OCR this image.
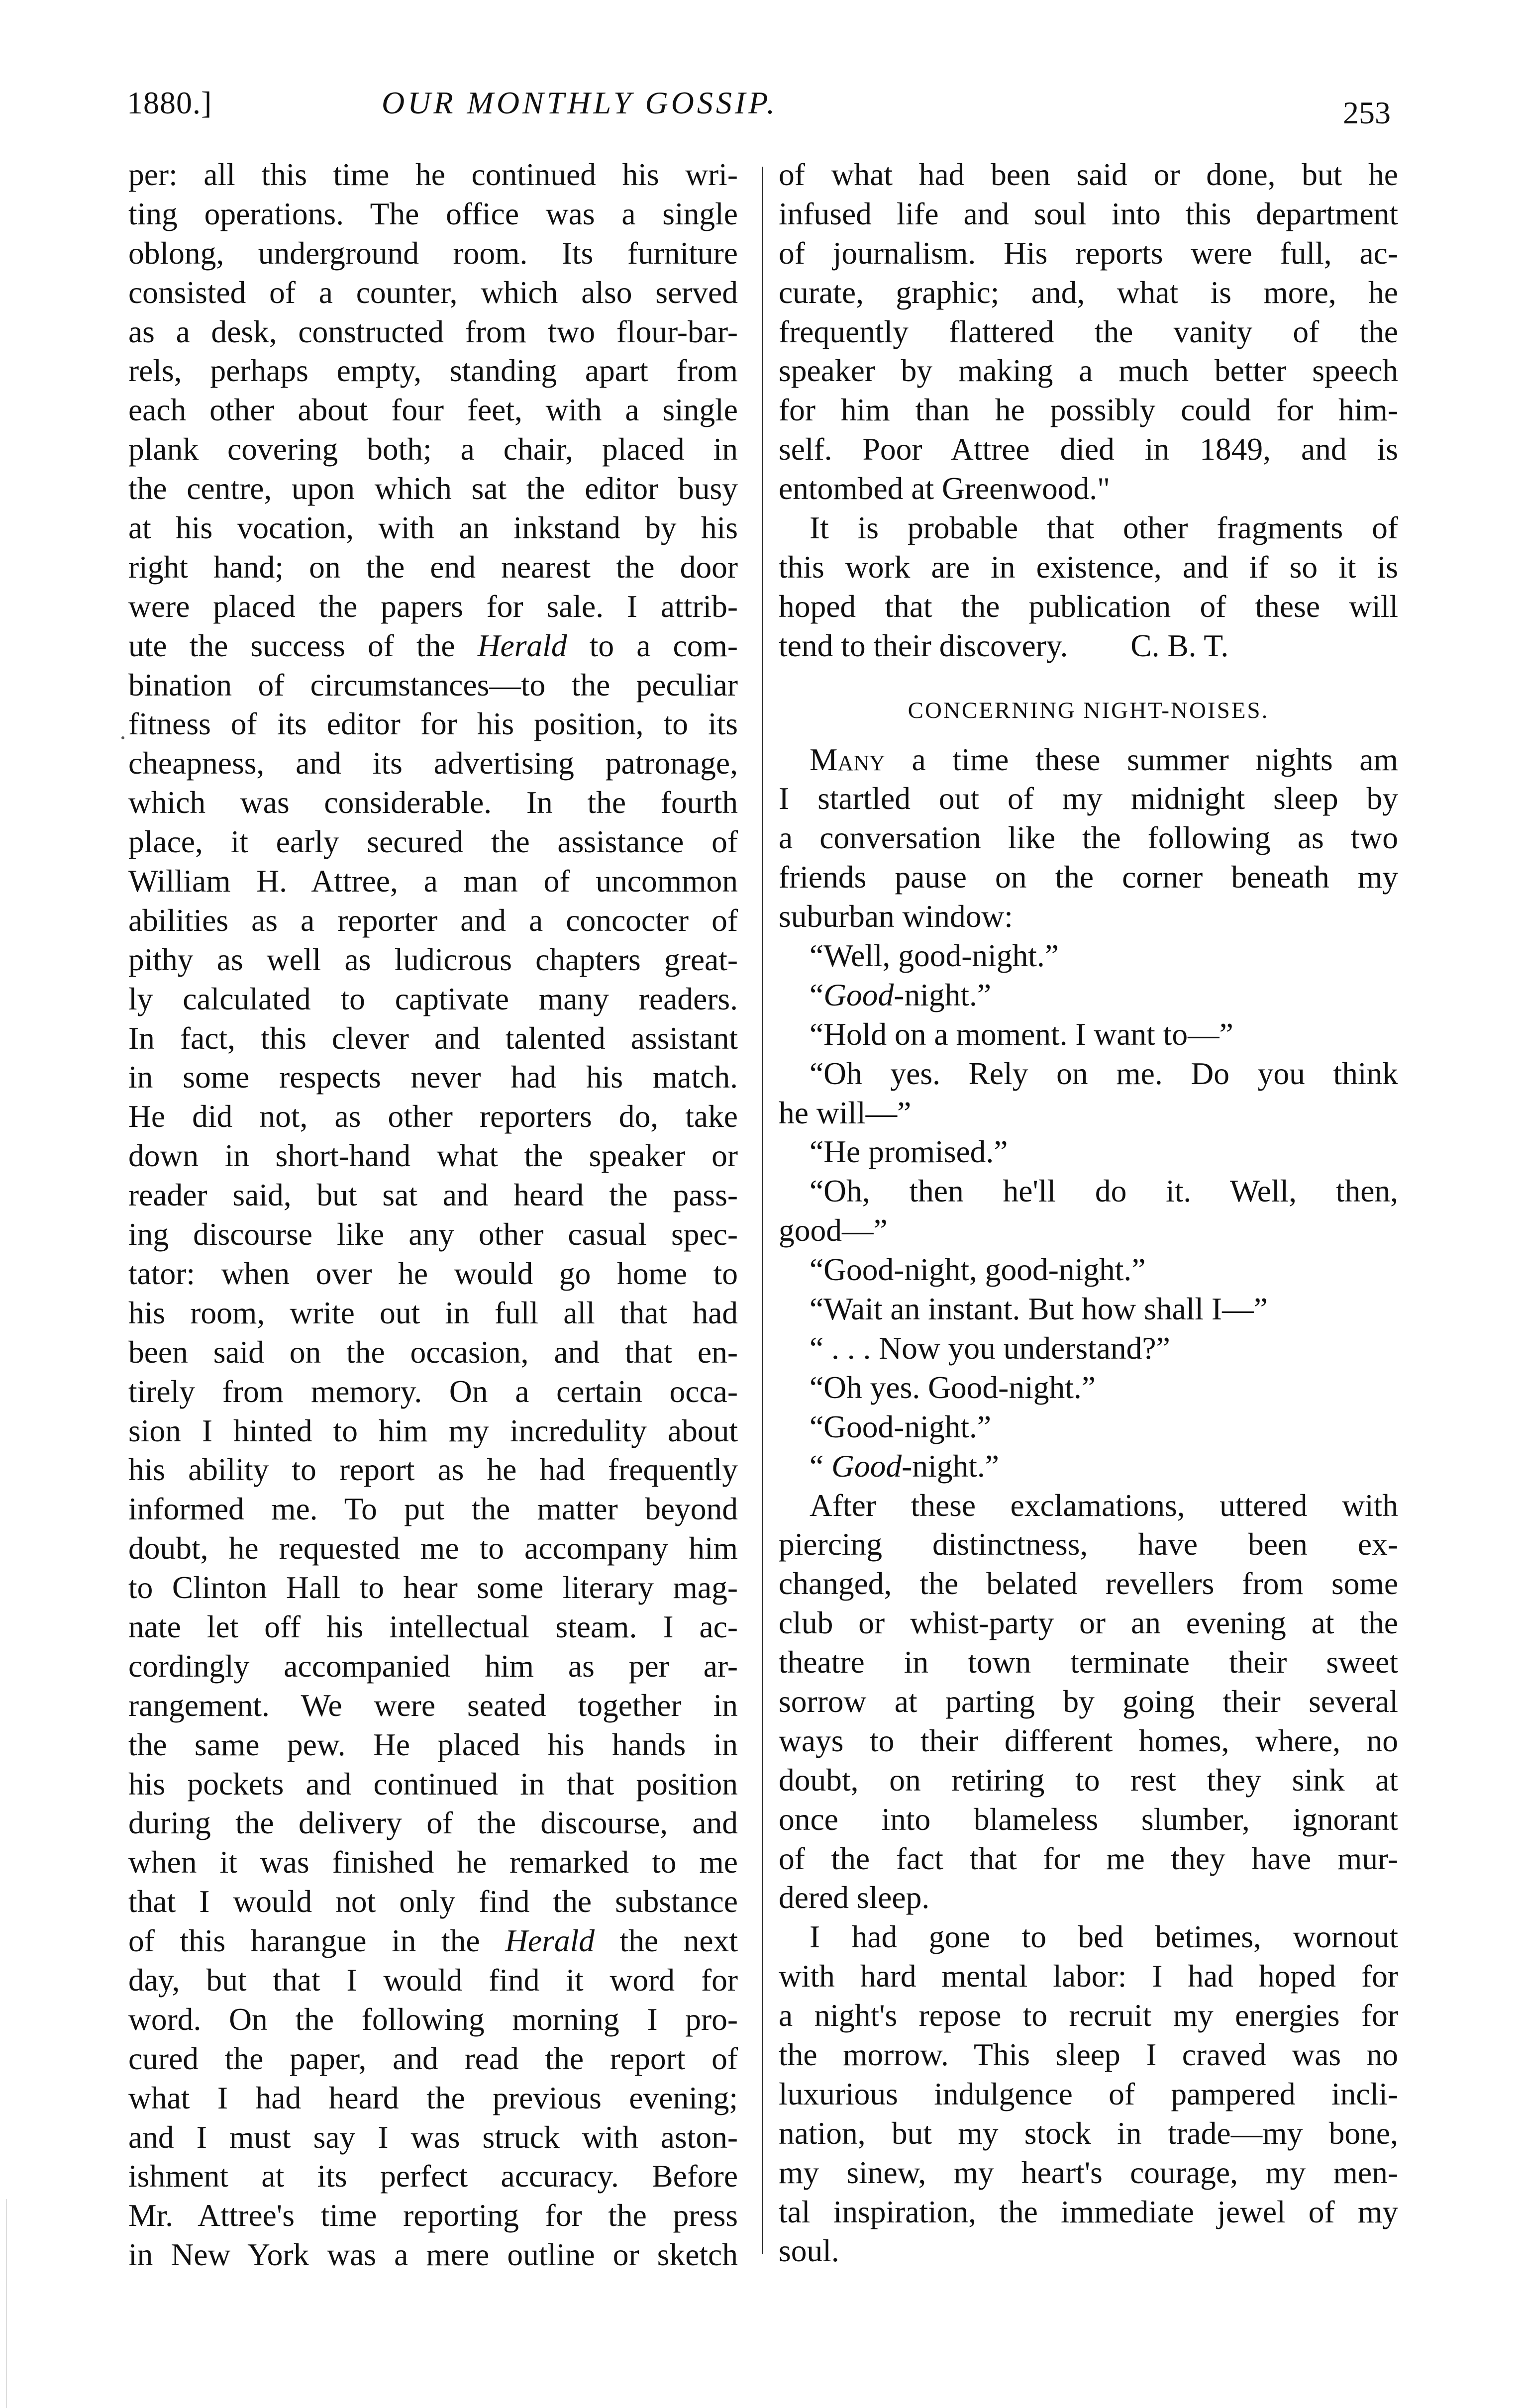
1880.]	OUR MONTHLY GOSSIP.	253
per: all this time he continued his wri-
ting operations. The office was a single
oblong, underground room. Its furniture
consisted of a counter, which also served
as a desk, constructed from two flour-bar-
rels, perhaps empty, standing apart from
each other about four feet, with a single
plank covering both; a chair, placed in
the centre, upon which sat the editor busy
at his vocation, with an inkstand by his
right hand; on the end nearest the door
were placed the papers for sale. I attrib-
ute the success of the Herald to a com-
bination of circumstances—to the peculiar
fitness of its editor for his position, to its
cheapness, and its advertising patronage,
which was considerable. In the fourth
place, it early secured the assistance of
William H. Attree, a man of uncommon
abilities as a reporter and a concocter of
pithy as well as ludicrous chapters great-
ly calculated to captivate many readers.
In fact, this clever and talented assistant
in some respects never had his match.
He did not, as other reporters do, take
down in short-hand what the speaker or
reader said, but sat and heard the pass-
ing discourse like any other casual spec-
tator: when over he would go home to
his room, write out in full all that had
been said on the occasion, and that en-
tirely from memory. On a certain occa-
sion I hinted to him my incredulity about
his ability to report as he had frequently
informed me. To put the matter beyond
doubt, he requested me to accompany him
to Clinton Hall to hear some literary mag-
nate let off his intellectual steam. I ac-
cordingly accompanied him as per ar-
rangement. We were seated together in
the same pew. He placed his hands in
his pockets and continued in that position
during the delivery of the discourse, and
when it was finished he remarked to me
that I would not only find the substance
of this harangue in the Herald the next
day, but that I would find it word for
word. On the following morning I pro-
cured the paper, and read the report of
what I had heard the previous evening;
and I must say I was struck with aston-
ishment at its perfect accuracy. Before
Mr. Attree's time reporting for the press
in New York was a mere outline or sketch
of what had been said or done, but he
infused life and soul into this department
of journalism. His reports were full, ac-
curate, graphic; and, what is more, he
frequently flattered the vanity of the
speaker by making a much better speech
for him than he possibly could for him-
self. Poor Attree died in 1849, and is
entombed at Greenwood."
It is probable that other fragments of
this work are in existence, and if so it is
hoped that the publication of these will
tend to their discovery. C. B. T.
CONCERNING NIGHT-NOISES.
Many a time these summer nights am
I startled out of my midnight sleep by
a conversation like the following as two
friends pause on the corner beneath my
suburban window:
“Well, good-night.”
“Good-night.”
“Hold on a moment. I want to—”
“Oh yes. Rely on me. Do you think
he will—”
“He promised.”
“Oh, then he'll do it. Well, then,
good—”
“Good-night, good-night.”
“Wait an instant. But how shall I—”
“ . . . Now you understand?”
“Oh yes. Good-night.”
“Good-night.”
“ Good-night.”
After these exclamations, uttered with
piercing distinctness, have been ex-
changed, the belated revellers from some
club or whist-party or an evening at the
theatre in town terminate their sweet
sorrow at parting by going their several
ways to their different homes, where, no
doubt, on retiring to rest they sink at
once into blameless slumber, ignorant
of the fact that for me they have mur-
dered sleep.
I had gone to bed betimes, wornout
with hard mental labor: I had hoped for
a night's repose to recruit my energies for
the morrow. This sleep I craved was no
luxurious indulgence of pampered incli-
nation, but my stock in trade—my bone,
my sinew, my heart's courage, my men-
tal inspiration, the immediate jewel of my
soul.
